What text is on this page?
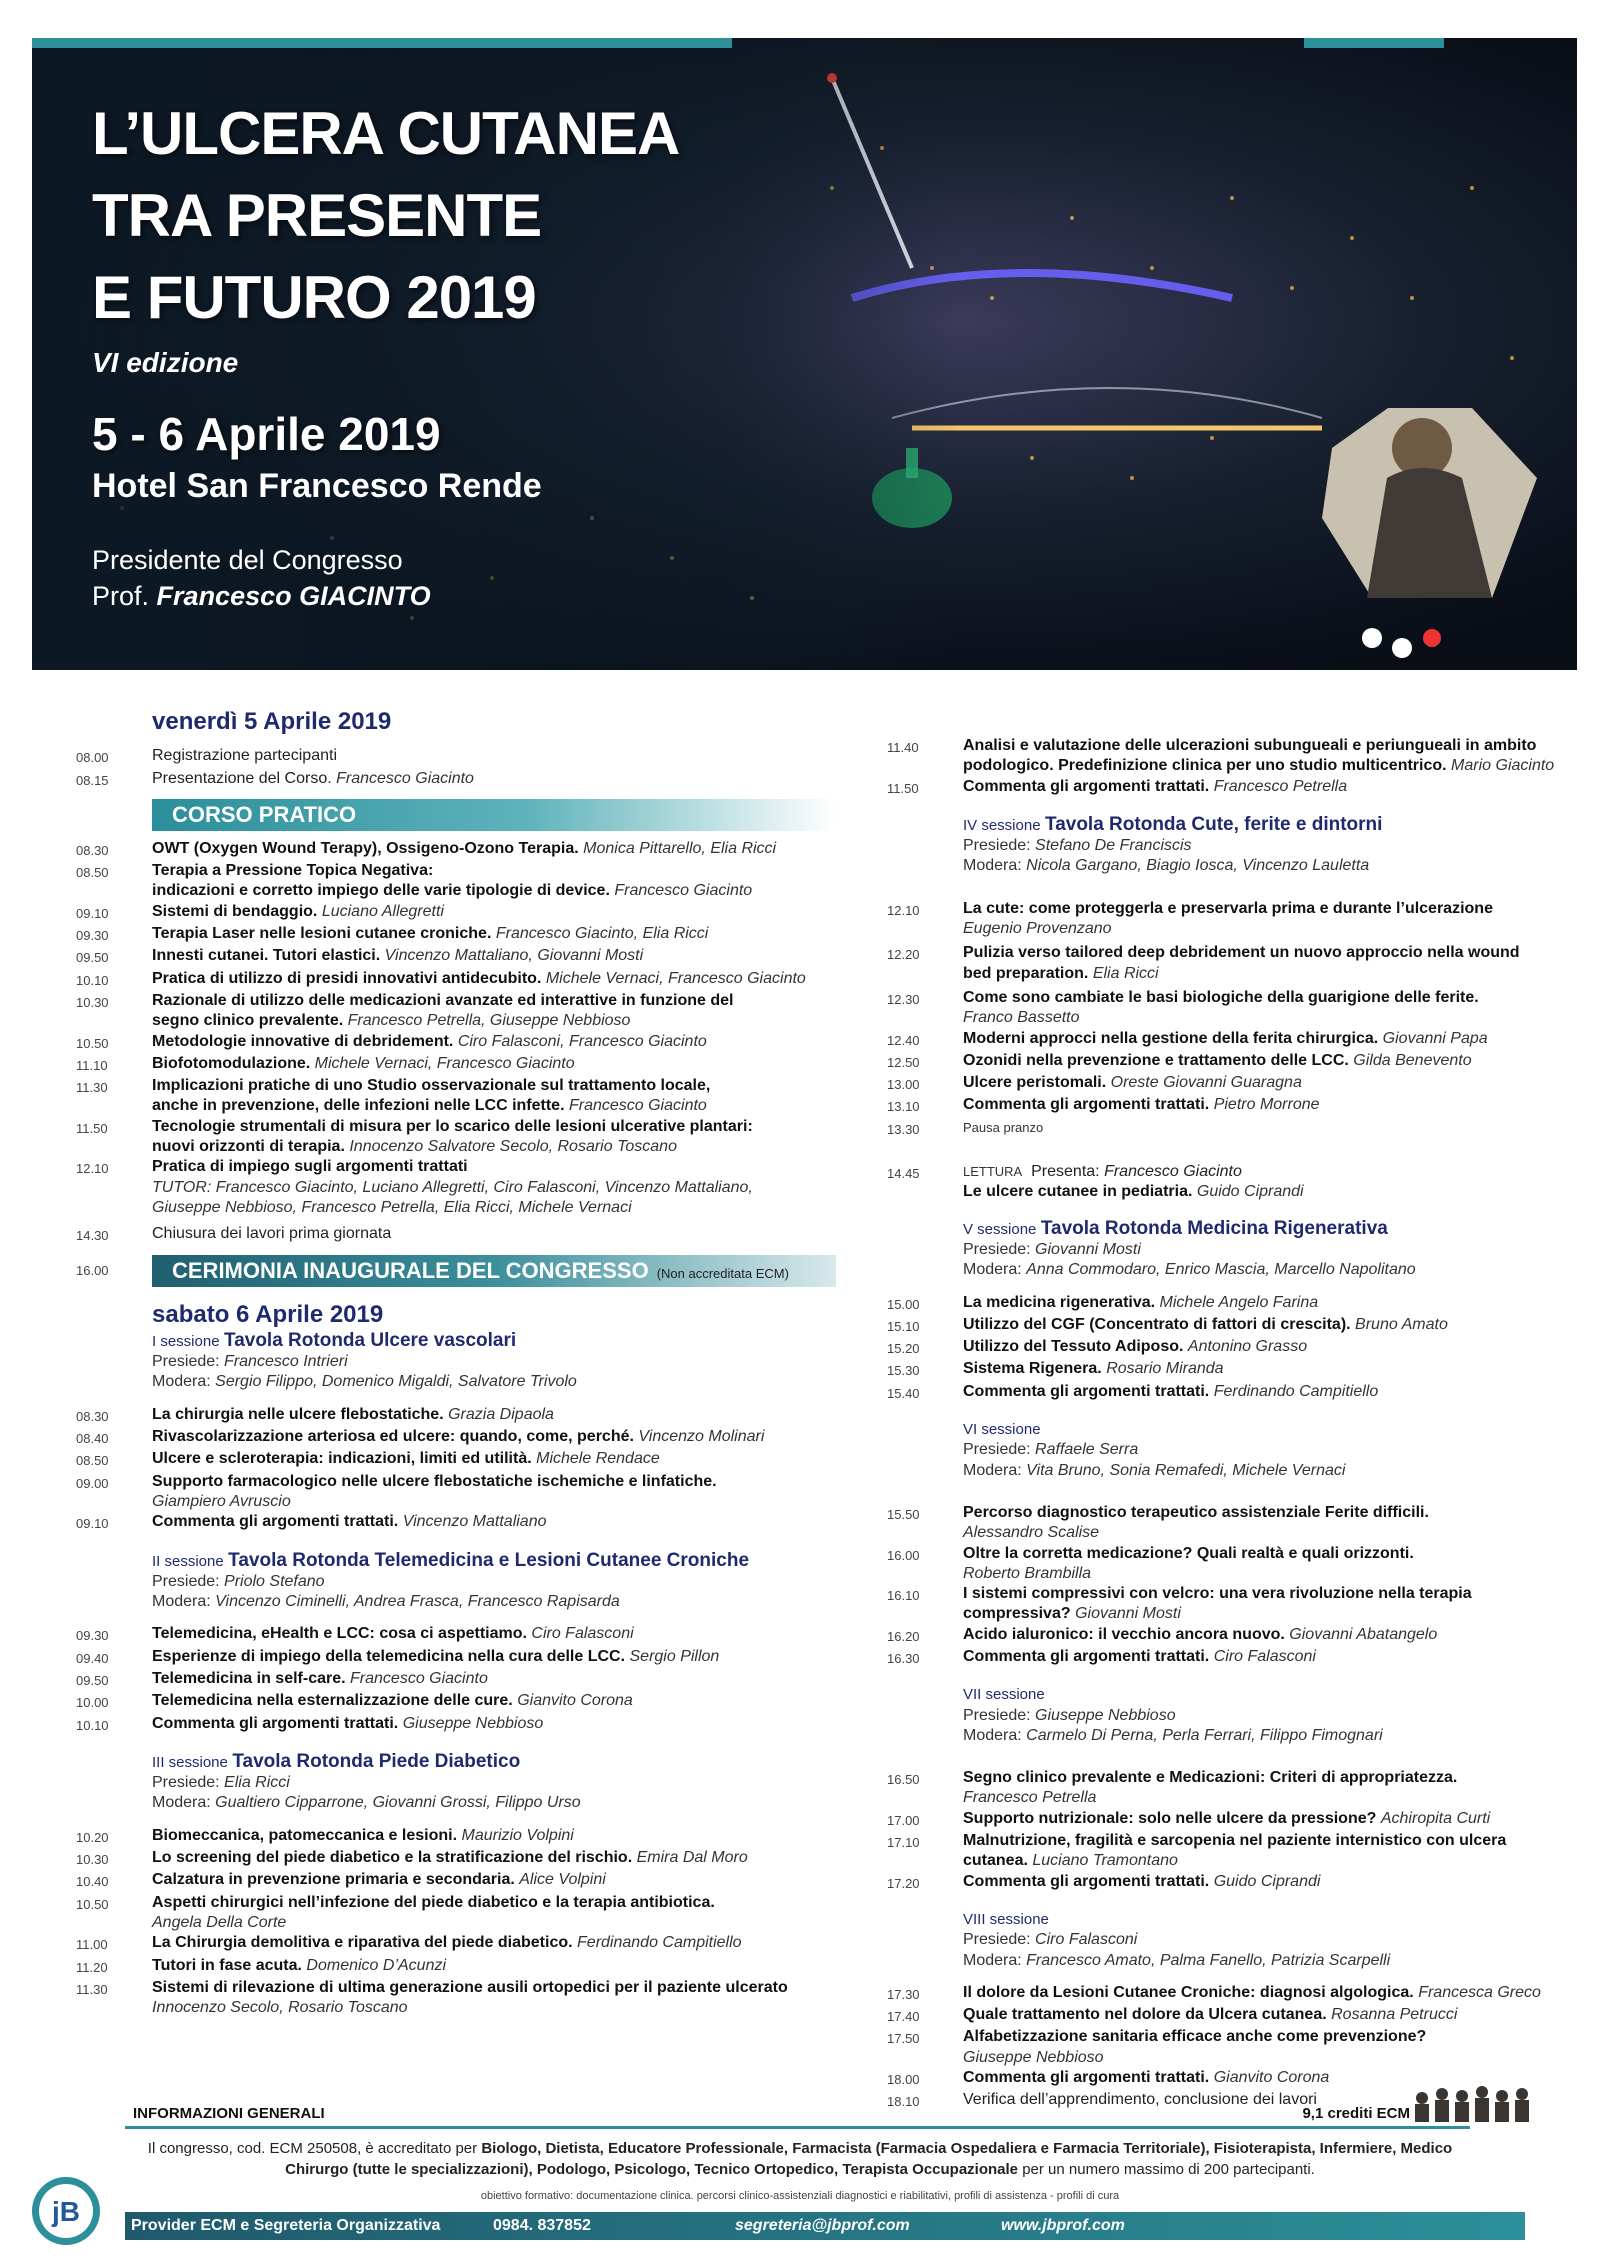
L’ULCERA CUTANEA
TRA PRESENTE
E FUTURO 2019
VI edizione
5 - 6 Aprile 2019
Hotel San Francesco Rende
Presidente del Congresso
Prof. Francesco GIACINTO
venerdì 5 Aprile 2019
08.00	Registrazione partecipanti
08.15	Presentazione del Corso. Francesco Giacinto
CORSO PRATICO
08.30	OWT (Oxygen Wound Terapy), Ossigeno-Ozono Terapia. Monica Pittarello, Elia Ricci
08.50	Terapia a Pressione Topica Negativa:
indicazioni e corretto impiego delle varie tipologie di device. Francesco Giacinto
09.10	Sistemi di bendaggio. Luciano Allegretti
09.30	Terapia Laser nelle lesioni cutanee croniche. Francesco Giacinto, Elia Ricci
09.50	Innesti cutanei. Tutori elastici. Vincenzo Mattaliano, Giovanni Mosti
10.10	Pratica di utilizzo di presidi innovativi antidecubito. Michele Vernaci, Francesco Giacinto
10.30	Razionale di utilizzo delle medicazioni avanzate ed interattive in funzione del
segno clinico prevalente. Francesco Petrella, Giuseppe Nebbioso
10.50	Metodologie innovative di debridement. Ciro Falasconi, Francesco Giacinto
11.10	Biofotomodulazione. Michele Vernaci, Francesco Giacinto
11.30	Implicazioni pratiche di uno Studio osservazionale sul trattamento locale,
anche in prevenzione, delle infezioni nelle LCC infette. Francesco Giacinto
11.50	Tecnologie strumentali di misura per lo scarico delle lesioni ulcerative plantari:
nuovi orizzonti di terapia. Innocenzo Salvatore Secolo, Rosario Toscano
12.10	Pratica di impiego sugli argomenti trattati
TUTOR: Francesco Giacinto, Luciano Allegretti, Ciro Falasconi, Vincenzo Mattaliano,
Giuseppe Nebbioso, Francesco Petrella, Elia Ricci, Michele Vernaci
14.30	Chiusura dei lavori prima giornata
16.00	CERIMONIA INAUGURALE DEL CONGRESSO (Non accreditata ECM)
sabato 6 Aprile 2019
I sessione Tavola Rotonda Ulcere vascolari
Presiede: Francesco Intrieri
Modera: Sergio Filippo, Domenico Migaldi, Salvatore Trivolo
08.30	La chirurgia nelle ulcere flebostatiche. Grazia Dipaola
08.40	Rivascolarizzazione arteriosa ed ulcere: quando, come, perché. Vincenzo Molinari
08.50	Ulcere e scleroterapia: indicazioni, limiti ed utilità. Michele Rendace
09.00	Supporto farmacologico nelle ulcere flebostatiche ischemiche e linfatiche.
Giampiero Avruscio
09.10	Commenta gli argomenti trattati. Vincenzo Mattaliano
II sessione Tavola Rotonda Telemedicina e Lesioni Cutanee Croniche
Presiede: Priolo Stefano
Modera: Vincenzo Ciminelli, Andrea Frasca, Francesco Rapisarda
09.30	Telemedicina, eHealth e LCC: cosa ci aspettiamo. Ciro Falasconi
09.40	Esperienze di impiego della telemedicina nella cura delle LCC. Sergio Pillon
09.50	Telemedicina in self-care. Francesco Giacinto
10.00	Telemedicina nella esternalizzazione delle cure. Gianvito Corona
10.10	Commenta gli argomenti trattati. Giuseppe Nebbioso
III sessione Tavola Rotonda Piede Diabetico
Presiede: Elia Ricci
Modera: Gualtiero Cipparrone, Giovanni Grossi, Filippo Urso
10.20	Biomeccanica, patomeccanica e lesioni. Maurizio Volpini
10.30	Lo screening del piede diabetico e la stratificazione del rischio. Emira Dal Moro
10.40	Calzatura in prevenzione primaria e secondaria. Alice Volpini
10.50	Aspetti chirurgici nell’infezione del piede diabetico e la terapia antibiotica.
Angela Della Corte
11.00	La Chirurgia demolitiva e riparativa del piede diabetico. Ferdinando Campitiello
11.20	Tutori in fase acuta. Domenico D’Acunzi
11.30	Sistemi di rilevazione di ultima generazione ausili ortopedici per il paziente ulcerato
Innocenzo Secolo, Rosario Toscano
11.40	Analisi e valutazione delle ulcerazioni subungueali e periungueali in ambito
podologico. Predefinizione clinica per uno studio multicentrico. Mario Giacinto
11.50	Commenta gli argomenti trattati. Francesco Petrella
IV sessione Tavola Rotonda Cute, ferite e dintorni
Presiede: Stefano De Franciscis
Modera: Nicola Gargano, Biagio Iosca, Vincenzo Lauletta
12.10	La cute: come proteggerla e preservarla prima e durante l’ulcerazione
Eugenio Provenzano
12.20	Pulizia verso tailored deep debridement un nuovo approccio nella wound
bed preparation. Elia Ricci
12.30	Come sono cambiate le basi biologiche della guarigione delle ferite.
Franco Bassetto
12.40	Moderni approcci nella gestione della ferita chirurgica. Giovanni Papa
12.50	Ozonidi nella prevenzione e trattamento delle LCC. Gilda Benevento
13.00	Ulcere peristomali. Oreste Giovanni Guaragna
13.10	Commenta gli argomenti trattati. Pietro Morrone
13.30	Pausa pranzo
14.45	LETTURA Presenta: Francesco Giacinto
Le ulcere cutanee in pediatria. Guido Ciprandi
V sessione Tavola Rotonda Medicina Rigenerativa
Presiede: Giovanni Mosti
Modera: Anna Commodaro, Enrico Mascia, Marcello Napolitano
15.00	La medicina rigenerativa. Michele Angelo Farina
15.10	Utilizzo del CGF (Concentrato di fattori di crescita). Bruno Amato
15.20	Utilizzo del Tessuto Adiposo. Antonino Grasso
15.30	Sistema Rigenera. Rosario Miranda
15.40	Commenta gli argomenti trattati. Ferdinando Campitiello
VI sessione
Presiede: Raffaele Serra
Modera: Vita Bruno, Sonia Remafedi, Michele Vernaci
15.50	Percorso diagnostico terapeutico assistenziale Ferite difficili.
Alessandro Scalise
16.00	Oltre la corretta medicazione? Quali realtà e quali orizzonti.
Roberto Brambilla
16.10	I sistemi compressivi con velcro: una vera rivoluzione nella terapia
compressiva? Giovanni Mosti
16.20	Acido ialuronico: il vecchio ancora nuovo. Giovanni Abatangelo
16.30	Commenta gli argomenti trattati. Ciro Falasconi
VII sessione
Presiede: Giuseppe Nebbioso
Modera: Carmelo Di Perna, Perla Ferrari, Filippo Fimognari
16.50	Segno clinico prevalente e Medicazioni: Criteri di appropriatezza.
Francesco Petrella
17.00	Supporto nutrizionale: solo nelle ulcere da pressione? Achiropita Curti
17.10	Malnutrizione, fragilità e sarcopenia nel paziente internistico con ulcera
cutanea. Luciano Tramontano
17.20	Commenta gli argomenti trattati. Guido Ciprandi
VIII sessione
Presiede: Ciro Falasconi
Modera: Francesco Amato, Palma Fanello, Patrizia Scarpelli
17.30	Il dolore da Lesioni Cutanee Croniche: diagnosi algologica. Francesca Greco
17.40	Quale trattamento nel dolore da Ulcera cutanea. Rosanna Petrucci
17.50	Alfabetizzazione sanitaria efficace anche come prevenzione?
Giuseppe Nebbioso
18.00	Commenta gli argomenti trattati. Gianvito Corona
18.10	Verifica dell’apprendimento, conclusione dei lavori
INFORMAZIONI GENERALI	9,1 crediti ECM
Il congresso, cod. ECM 250508, è accreditato per Biologo, Dietista, Educatore Professionale, Farmacista (Farmacia Ospedaliera e Farmacia Territoriale), Fisioterapista, Infermiere, Medico Chirurgo (tutte le specializzazioni), Podologo, Psicologo, Tecnico Ortopedico, Terapista Occupazionale per un numero massimo di 200 partecipanti.
obiettivo formativo: documentazione clinica. percorsi clinico-assistenziali diagnostici e riabilitativi, profili di assistenza - profili di cura
jB	Provider ECM e Segreteria Organizzativa	0984. 837852	segreteria@jbprof.com	www.jbprof.com
